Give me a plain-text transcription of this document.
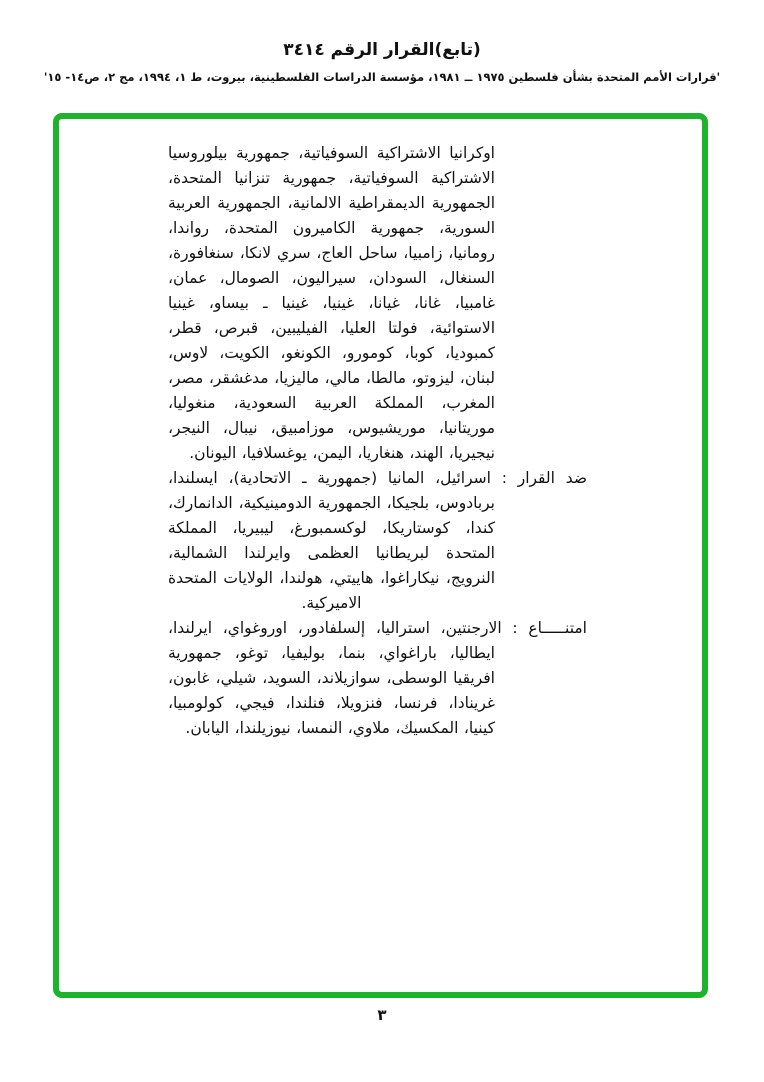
(تابع)القرار الرقم ٣٤١٤
'قرارات الأمم المتحدة بشأن فلسطين ١٩٧٥ ــ ١٩٨١، مؤسسة الدراسات الفلسطينية، بيروت، ط ١، ١٩٩٤، مج ٢، ص١٤- ١٥'

اوكرانيا الاشتراكية السوفياتية، جمهورية بيلوروسيا الاشتراكية السوفياتية، جمهورية تنزانيا المتحدة، الجمهورية الديمقراطية الالمانية، الجمهورية العربية السورية، جمهورية الكاميرون المتحدة، رواندا، رومانيا، زامبيا، ساحل العاج، سري لانكا، سنغافورة، السنغال، السودان، سيراليون، الصومال، عمان، غامبيا، غانا، غيانا، غينيا، غينيا ـ بيساو، غينيا الاستوائية، فولتا العليا، الفيليبين، قبرص، قطر، كمبوديا، كوبا، كومورو، الكونغو، الكويت، لاوس، لبنان، ليزوتو، مالطا، مالي، ماليزيا، مدغشقر، مصر، المغرب، المملكة العربية السعودية، منغوليا، موريتانيا، موريشيوس، موزامبيق، نيبال، النيجر، نيجيريا، الهند، هنغاريا، اليمن، يوغسلافيا، اليونان.

ضد القرار : اسرائيل، المانيا (جمهورية ـ الاتحادية)، ايسلندا، بربادوس، بلجيكا، الجمهورية الدومينيكية، الدانمارك، كندا، كوستاريكا، لوكسمبورغ، ليبيريا، المملكة المتحدة لبريطانيا العظمى وايرلندا الشمالية، النرويج، نيكاراغوا، هاييتي، هولندا، الولايات المتحدة الاميركية.

امتنـــــاع : الارجنتين، استراليا، إلسلفادور، اوروغواي، ايرلندا، ايطاليا، باراغواي، بنما، بوليفيا، توغو، جمهورية افريقيا الوسطى، سوازيلاند، السويد، شيلي، غابون، غرينادا، فرنسا، فنزويلا، فنلندا، فيجي، كولومبيا، كينيا، المكسيك، ملاوي، النمسا، نيوزيلندا، اليابان.

٣
